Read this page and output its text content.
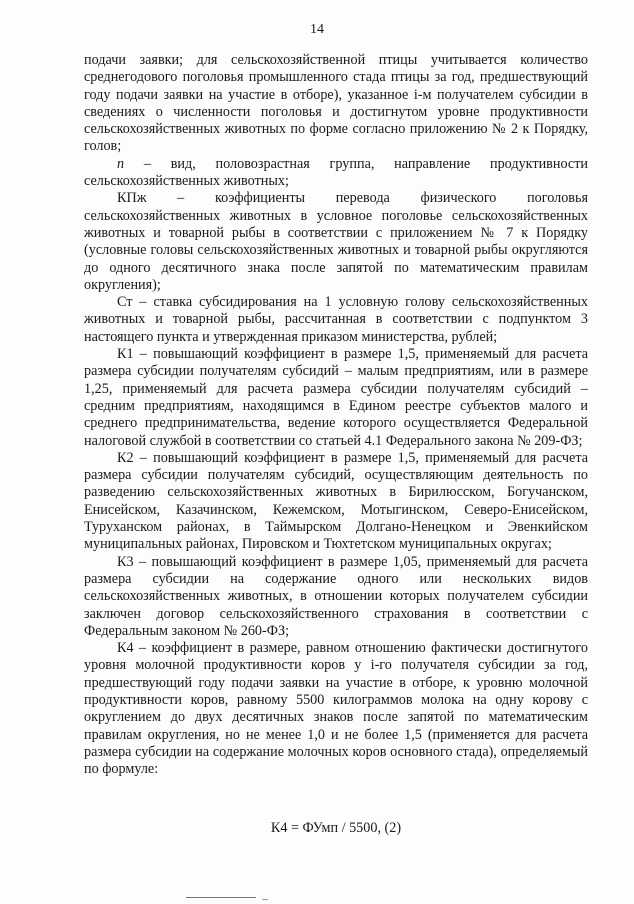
14

подачи заявки; для сельскохозяйственной птицы учитывается количество среднегодового поголовья промышленного стада птицы за год, предшествующий году подачи заявки на участие в отборе), указанное i-м получателем субсидии в сведениях о численности поголовья и достигнутом уровне продуктивности сельскохозяйственных животных по форме согласно приложению № 2 к Порядку, голов;

n – вид, половозрастная группа, направление продуктивности сельскохозяйственных животных;

КПж – коэффициенты перевода физического поголовья сельскохозяйственных животных в условное поголовье сельскохозяйственных животных и товарной рыбы в соответствии с приложением № 7 к Порядку (условные головы сельскохозяйственных животных и товарной рыбы округляются до одного десятичного знака после запятой по математическим правилам округления);

Ст – ставка субсидирования на 1 условную голову сельскохозяйственных животных и товарной рыбы, рассчитанная в соответствии с подпунктом 3 настоящего пункта и утвержденная приказом министерства, рублей;

К1 – повышающий коэффициент в размере 1,5, применяемый для расчета размера субсидии получателям субсидий – малым предприятиям, или в размере 1,25, применяемый для расчета размера субсидии получателям субсидий – средним предприятиям, находящимся в Едином реестре субъектов малого и среднего предпринимательства, ведение которого осуществляется Федеральной налоговой службой в соответствии со статьей 4.1 Федерального закона № 209-ФЗ;

К2 – повышающий коэффициент в размере 1,5, применяемый для расчета размера субсидии получателям субсидий, осуществляющим деятельность по разведению сельскохозяйственных животных в Бирилюсском, Богучанском, Енисейском, Казачинском, Кежемском, Мотыгинском, Северо-Енисейском, Туруханском районах, в Таймырском Долгано-Ненецком и Эвенкийском муниципальных районах, Пировском и Тюхтетском муниципальных округах;

К3 – повышающий коэффициент в размере 1,05, применяемый для расчета размера субсидии на содержание одного или нескольких видов сельскохозяйственных животных, в отношении которых получателем субсидии заключен договор сельскохозяйственного страхования в соответствии с Федеральным законом № 260-ФЗ;

К4 – коэффициент в размере, равном отношению фактически достигнутого уровня молочной продуктивности коров у i-го получателя субсидии за год, предшествующий году подачи заявки на участие в отборе, к уровню молочной продуктивности коров, равному 5500 килограммов молока на одну корову с округлением до двух десятичных знаков после запятой по математическим правилам округления, но не менее 1,0 и не более 1,5 (применяется для расчета размера субсидии на содержание молочных коров основного стада), определяемый по формуле:

К4 = ФУмп / 5500, (2)
